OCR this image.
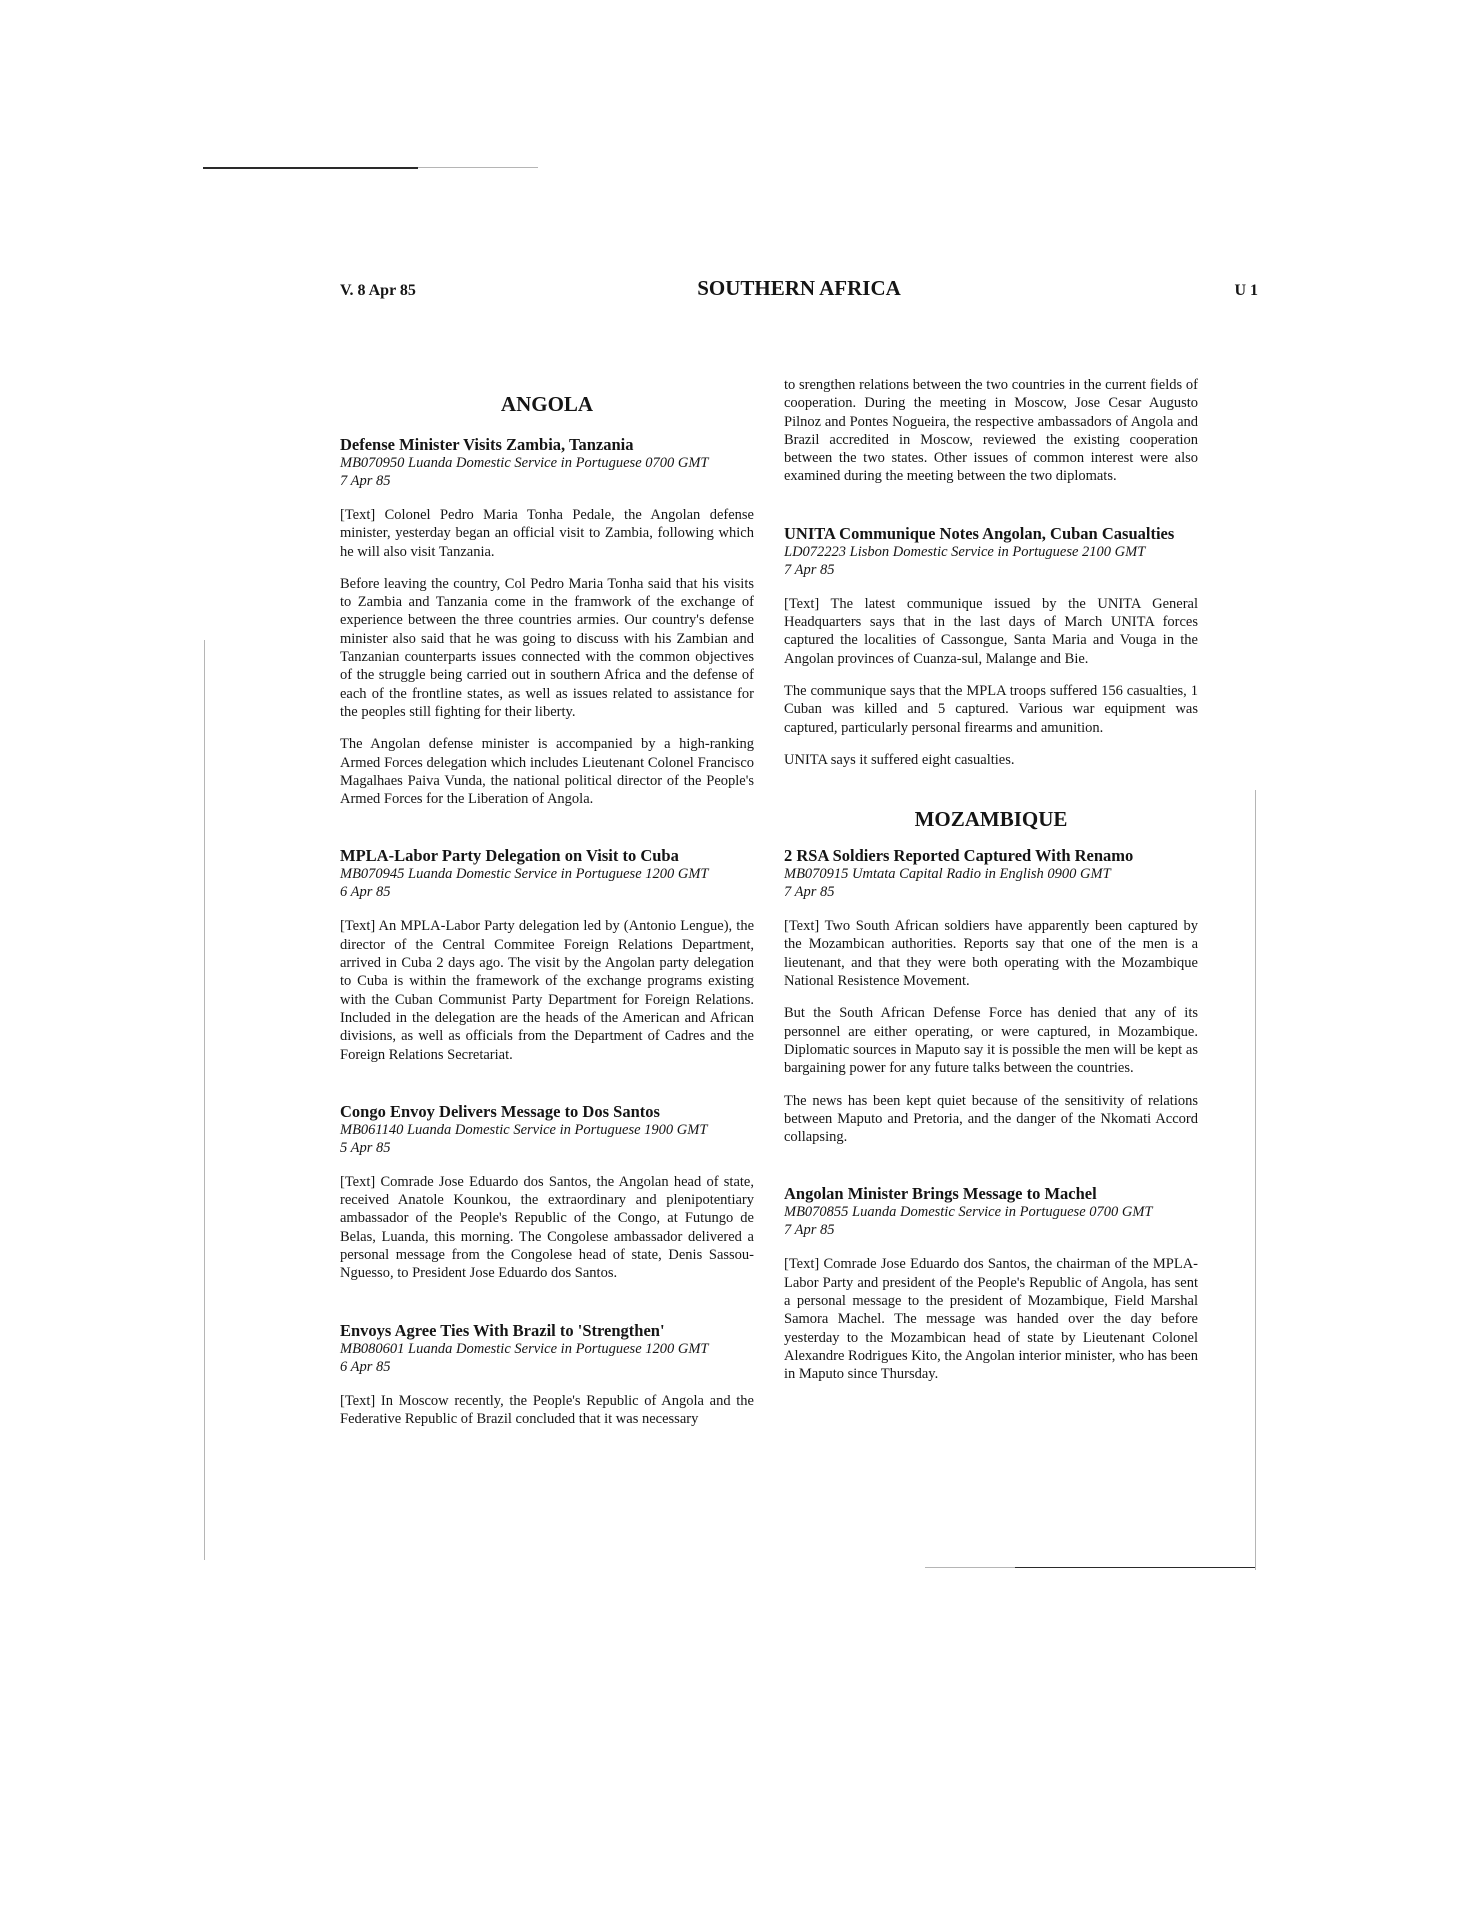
V. 8 Apr 85	SOUTHERN AFRICA	U 1
ANGOLA
Defense Minister Visits Zambia, Tanzania
MB070950 Luanda Domestic Service in Portuguese 0700 GMT
7 Apr 85

[Text] Colonel Pedro Maria Tonha Pedale, the Angolan defense minister, yesterday began an official visit to Zambia, following which he will also visit Tanzania.

Before leaving the country, Col Pedro Maria Tonha said that his visits to Zambia and Tanzania come in the framwork of the exchange of experience between the three countries armies. Our country's defense minister also said that he was going to discuss with his Zambian and Tanzanian counterparts issues connected with the common objectives of the struggle being carried out in southern Africa and the defense of each of the frontline states, as well as issues related to assistance for the peoples still fighting for their liberty.

The Angolan defense minister is accompanied by a high-ranking Armed Forces delegation which includes Lieutenant Colonel Francisco Magalhaes Paiva Vunda, the national political director of the People's Armed Forces for the Liberation of Angola.

MPLA-Labor Party Delegation on Visit to Cuba
MB070945 Luanda Domestic Service in Portuguese 1200 GMT
6 Apr 85

[Text] An MPLA-Labor Party delegation led by (Antonio Lengue), the director of the Central Commitee Foreign Relations Department, arrived in Cuba 2 days ago. The visit by the Angolan party delegation to Cuba is within the framework of the exchange programs existing with the Cuban Communist Party Department for Foreign Relations. Included in the delegation are the heads of the American and African divisions, as well as officials from the Department of Cadres and the Foreign Relations Secretariat.

Congo Envoy Delivers Message to Dos Santos
MB061140 Luanda Domestic Service in Portuguese 1900 GMT
5 Apr 85

[Text] Comrade Jose Eduardo dos Santos, the Angolan head of state, received Anatole Kounkou, the extraordinary and plenipotentiary ambassador of the People's Republic of the Congo, at Futungo de Belas, Luanda, this morning. The Congolese ambassador delivered a personal message from the Congolese head of state, Denis Sassou-Nguesso, to President Jose Eduardo dos Santos.

Envoys Agree Ties With Brazil to 'Strengthen'
MB080601 Luanda Domestic Service in Portuguese 1200 GMT
6 Apr 85

[Text] In Moscow recently, the People's Republic of Angola and the Federative Republic of Brazil concluded that it was necessary

to srengthen relations between the two countries in the current fields of cooperation. During the meeting in Moscow, Jose Cesar Augusto Pilnoz and Pontes Nogueira, the respective ambassadors of Angola and Brazil accredited in Moscow, reviewed the existing cooperation between the two states. Other issues of common interest were also examined during the meeting between the two diplomats.

UNITA Communique Notes Angolan, Cuban Casualties
LD072223 Lisbon Domestic Service in Portuguese 2100 GMT
7 Apr 85

[Text] The latest communique issued by the UNITA General Headquarters says that in the last days of March UNITA forces captured the localities of Cassongue, Santa Maria and Vouga in the Angolan provinces of Cuanza-sul, Malange and Bie.

The communique says that the MPLA troops suffered 156 casualties, 1 Cuban was killed and 5 captured. Various war equipment was captured, particularly personal firearms and amunition.

UNITA says it suffered eight casualties.

MOZAMBIQUE
2 RSA Soldiers Reported Captured With Renamo
MB070915 Umtata Capital Radio in English 0900 GMT
7 Apr 85

[Text] Two South African soldiers have apparently been captured by the Mozambican authorities. Reports say that one of the men is a lieutenant, and that they were both operating with the Mozambique National Resistence Movement.

But the South African Defense Force has denied that any of its personnel are either operating, or were captured, in Mozambique. Diplomatic sources in Maputo say it is possible the men will be kept as bargaining power for any future talks between the countries.

The news has been kept quiet because of the sensitivity of relations between Maputo and Pretoria, and the danger of the Nkomati Accord collapsing.

Angolan Minister Brings Message to Machel
MB070855 Luanda Domestic Service in Portuguese 0700 GMT
7 Apr 85

[Text] Comrade Jose Eduardo dos Santos, the chairman of the MPLA-Labor Party and president of the People's Republic of Angola, has sent a personal message to the president of Mozambique, Field Marshal Samora Machel. The message was handed over the day before yesterday to the Mozambican head of state by Lieutenant Colonel Alexandre Rodrigues Kito, the Angolan interior minister, who has been in Maputo since Thursday.
